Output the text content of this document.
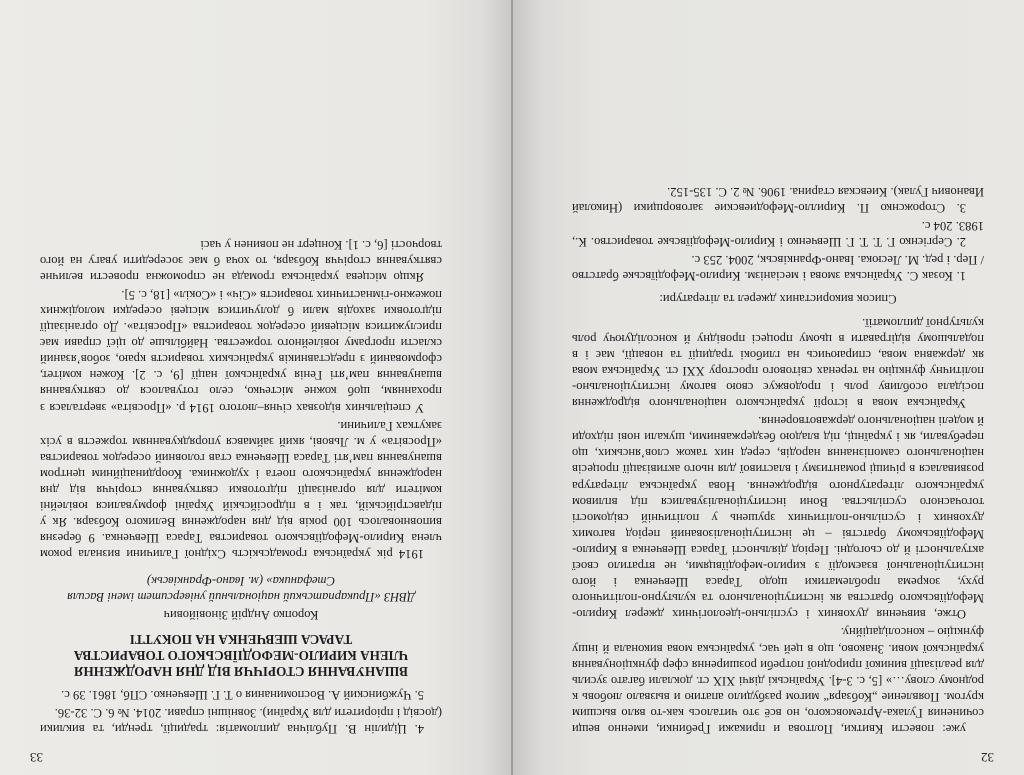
32

уже: повести Квитки, Полтова и прикажи Гребинки, именно вещи сочинения Гулака-Артемовского, но всё это читалось как-то вяло высшим кругом. Появление „Кобзаря“ мигом разбудило апатию и вызвало любовь к родному слову…» [5, с. 3-4]. Українські діячі XIX ст. доклали багато зусиль для реалізації виникої природної потреби розширення сфер функціонування української мови. Знаково, що в цей час, українська мова виконала й іншу функцію – консолідаційну.

Отже, вивчення духовних і суспільно-ідеологічних джерел Кирило-Мефодіївського братства як інституціонального та культурно-політичного руху, зокрема проблематики щодо Тараса Шевченка і його інституціональної взаємодії з кирило-мефодіївцями, не втратило своєї актуальності й до сьогодні. Період діяльності Тараса Шевченка в Кирило-Мефодіївському братстві – це інституціоналізований період вагомих духовних і суспільно-політичних зрушень у політичній свідомості тогочасного суспільства. Вони інституціоналізувалися під впливом українського літературного відродження. Нова українська література розвивалася в річищі романтизму і властивої для нього активізації процесів національного самопізнання народів, серед них також слов’янських, що перебували, як і українці, під владою бездержавними, шукали нові підходи й моделі національного державотворення.

Українська мова в історії українського національного відродження посідала особливу роль і продовжує свою вагому інституціонально-політичну функцію на теренах світового простору XXI ст. Українська мова як державна мова, спираючись на глибокі традиції та новації, має і в подальшому відігравати в цьому процесі провідну й консолідуючу роль культурної дипломатії.

Список використаних джерел та літератури:

1. Козак С. Українська змова і месіанізм. Кирило-Мефодіївське братство / Пер. і ред. М. Лесюка. Івано-Франківськ, 2004. 253 с.

2. Сергієнко Г. Т. Т. Г. Шевченко і Кирило-Мефодіївське товариство. К., 1983. 204 с.

3. Сторожснко П. Кирилло-Мефодиевские заговорщики (Николай Иванович Гулак). Киевская старина. 1906. № 2. С. 135-152.

33

4. Цідилін В. Публічна дипломатія: традиції, тренди, та виклики (досвід і пріоритети для України). Зовнішні справи. 2014. № 6. С. 32-36.

5. Чужбинский А. Воспоминания о Т. Г. Шевченко. СПб, 1861. 39 с.

ВШАНУВАННЯ СТОРІЧЧЯ ВІД ДНЯ НАРОДЖЕННЯ ЧЛЕНА КИРИЛО-МЕФОДІЇВСЬКОГО ТОВАРИСТВА ТАРАСА ШЕВЧЕНКА НА ПОКУТТІ
Коропко Андрій Зіновійович
ДВНЗ «Прикарпатський національний університет імені Василя Стефаника» (м. Івано-Франківськ)

1914 рік українська громадськість Східної Галичини визнала роком члена Кирило-Мефодіївського товариства Тараса Шевченка. 9 березня виповнювалось 100 років від дня народження Великого Кобзаря. Як у підавстрійській, так і в підросійській Україні формувалися ювілейні комітети для організації підготовки святкування сторіччя від дня народження українського поета і художника. Координаційним центром вшанування пам’яті Тараса Шевченка став головний осередок товариства «Просвіта» у м. Львові, який займався упорядкуванням торжеств в усіх закутках Галичини.

У спеціальних відозвах січня–лютого 1914 р. «Просвіта» зверталася з проханням, щоб кожне містечко, село готувалося до святкування вшанування пам’яті Генія української нації [9, с. 2]. Кожен комітет, сформований з представників українських товариств краю, зобов’язаний скласти програму ювілейного торжества. Найбільше до цієї справи має прислужитися місцевий осередок товариства «Просвіта». До організації підготовки заходів мали б долучитися місцеві осередки молодіжних пожежно-гімнастичних товариств «Січ» і «Сокіл» [18, с. 5].

Якщо місцева українська громада не спроможна провести величне святкування сторіччя Кобзаря, то хоча б має зосередити увагу на його творчості [6, с. 1]. Концерт не повинен у часі
